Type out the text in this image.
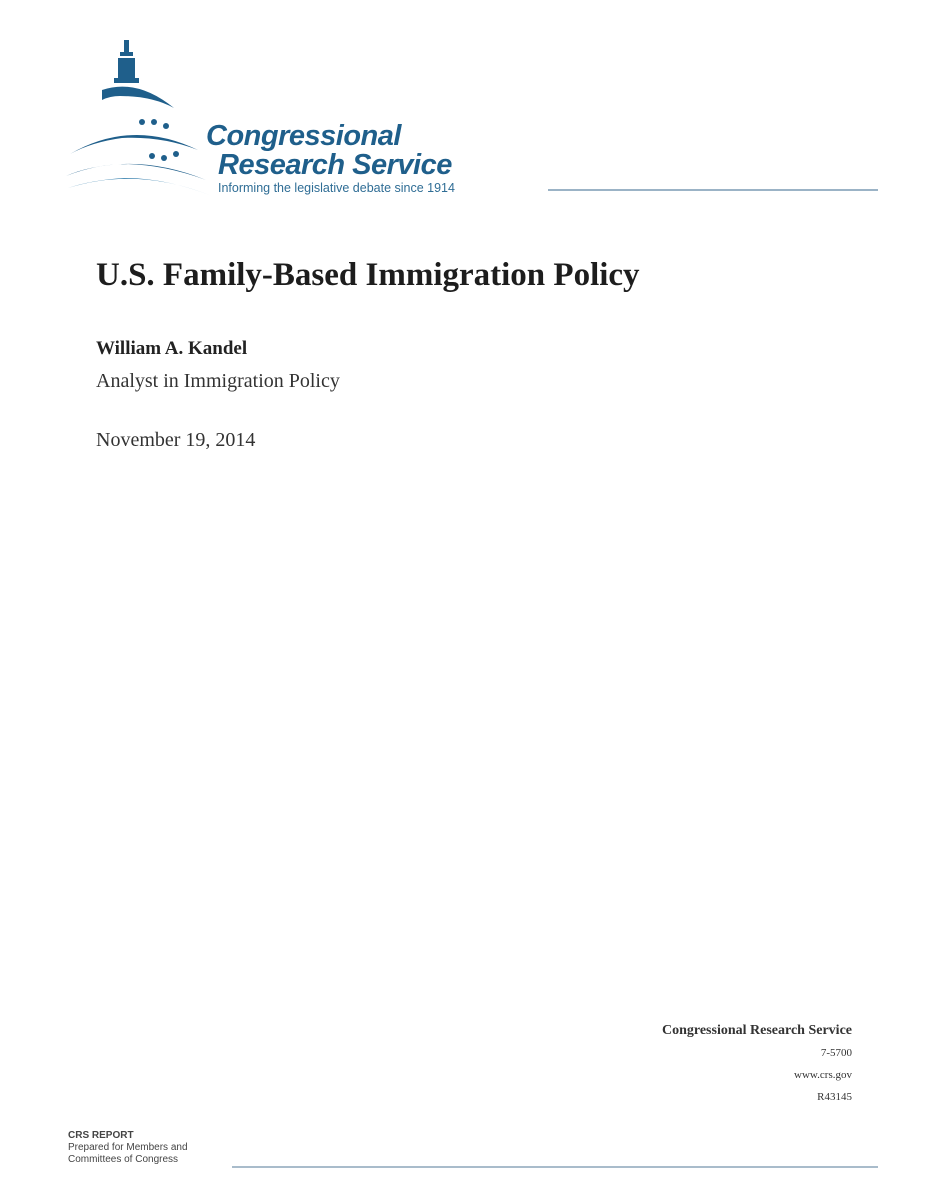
Congressional
Research Service
Informing the legislative debate since 1914
U.S. Family-Based Immigration Policy
William A. Kandel
Analyst in Immigration Policy
November 19, 2014
Congressional Research Service
7-5700
www.crs.gov
R43145
CRS REPORT
Prepared for Members and
Committees of Congress
